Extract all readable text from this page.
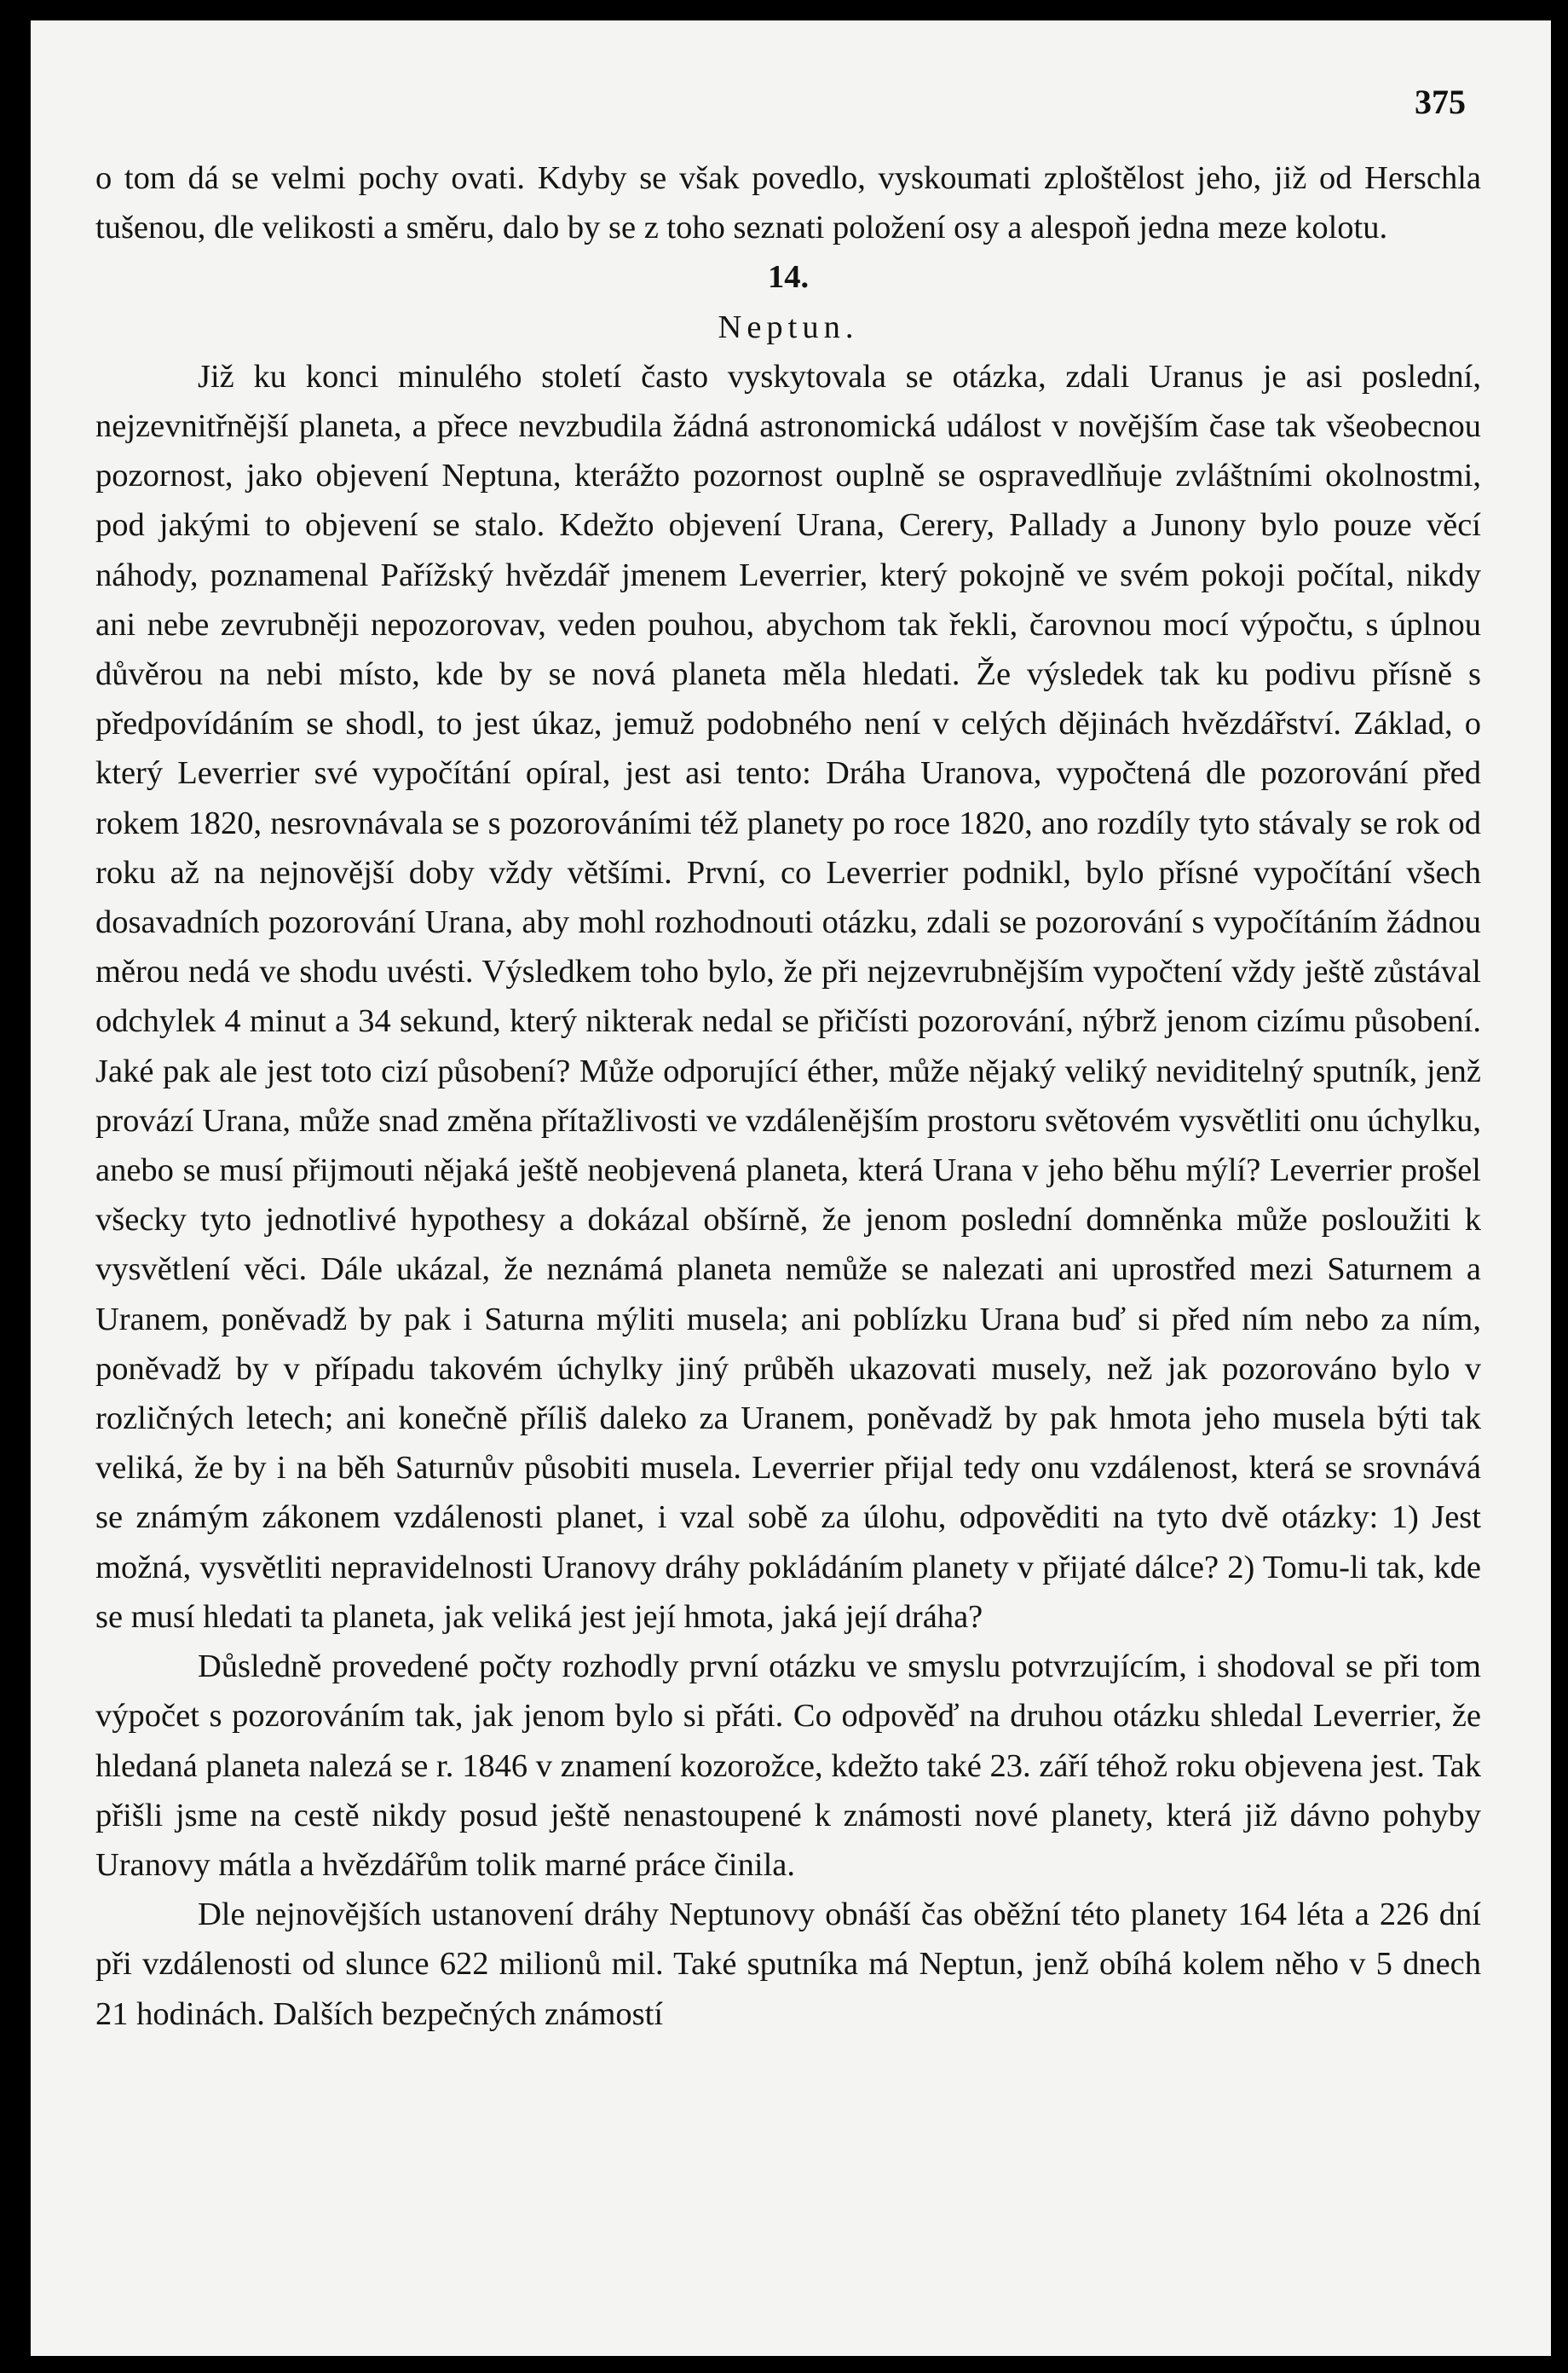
375

o tom dá se velmi pochy ovati. Kdyby se však povedlo, vyskoumati zploštělost jeho, již od Herschla tušenou, dle velikosti a směru, dalo by se z toho seznati položení osy a alespoň jedna meze kolotu.

14.

Neptun.

Již ku konci minulého století často vyskytovala se otázka, zdali Uranus je asi poslední, nejzevnitřnější planeta, a přece nevzbudila žádná astronomická událost v novějším čase tak všeobecnou pozornost, jako objevení Neptuna, kterážto pozornost ouplně se ospravedlňuje zvláštními okolnostmi, pod jakými to objevení se stalo. Kdežto objevení Urana, Cerery, Pallady a Junony bylo pouze věcí náhody, poznamenal Pařížský hvězdář jmenem Leverrier, který pokojně ve svém pokoji počítal, nikdy ani nebe zevrubněji nepozorovav, veden pouhou, abychom tak řekli, čarovnou mocí výpočtu, s úplnou důvěrou na nebi místo, kde by se nová planeta měla hledati. Že výsledek tak ku podivu přísně s předpovídáním se shodl, to jest úkaz, jemuž podobného není v celých dějinách hvězdářství. Základ, o který Leverrier své vypočítání opíral, jest asi tento: Dráha Uranova, vypočtená dle pozorování před rokem 1820, nesrovnávala se s pozorováními též planety po roce 1820, ano rozdíly tyto stávaly se rok od roku až na nejnovější doby vždy většími. První, co Leverrier podnikl, bylo přísné vypočítání všech dosavadních pozorování Urana, aby mohl rozhodnouti otázku, zdali se pozorování s vypočítáním žádnou měrou nedá ve shodu uvésti. Výsledkem toho bylo, že při nejzevrubnějším vypočtení vždy ještě zůstával odchylek 4 minut a 34 sekund, který nikterak nedal se přičísti pozorování, nýbrž jenom cizímu působení. Jaké pak ale jest toto cizí působení? Může odporující éther, může nějaký veliký neviditelný sputník, jenž provází Urana, může snad změna přítažlivosti ve vzdálenějším prostoru světovém vysvětliti onu úchylku, anebo se musí přijmouti nějaká ještě neobjevená planeta, která Urana v jeho běhu mýlí? Leverrier prošel všecky tyto jednotlivé hypothesy a dokázal obšírně, že jenom poslední domněnka může posloužiti k vysvětlení věci. Dále ukázal, že neznámá planeta nemůže se nalezati ani uprostřed mezi Saturnem a Uranem, poněvadž by pak i Saturna mýliti musela; ani poblízku Urana buď si před ním nebo za ním, poněvadž by v případu takovém úchylky jiný průběh ukazovati musely, než jak pozorováno bylo v rozličných letech; ani konečně příliš daleko za Uranem, poněvadž by pak hmota jeho musela býti tak veliká, že by i na běh Saturnův působiti musela. Leverrier přijal tedy onu vzdálenost, která se srovnává se známým zákonem vzdálenosti planet, i vzal sobě za úlohu, odpověditi na tyto dvě otázky: 1) Jest možná, vysvětliti nepravidelnosti Uranovy dráhy pokládáním planety v přijaté dálce? 2) Tomu-li tak, kde se musí hledati ta planeta, jak veliká jest její hmota, jaká její dráha?

Důsledně provedené počty rozhodly první otázku ve smyslu potvrzujícím, i shodoval se při tom výpočet s pozorováním tak, jak jenom bylo si přáti. Co odpověď na druhou otázku shledal Leverrier, že hledaná planeta nalezá se r. 1846 v znamení kozorožce, kdežto také 23. září téhož roku objevena jest. Tak přišli jsme na cestě nikdy posud ještě nenastoupené k známosti nové planety, která již dávno pohyby Uranovy mátla a hvězdářům tolik marné práce činila.

Dle nejnovějších ustanovení dráhy Neptunovy obnáší čas oběžní této planety 164 léta a 226 dní při vzdálenosti od slunce 622 milionů mil. Také sputníka má Neptun, jenž obíhá kolem něho v 5 dnech 21 hodinách. Dalších bezpečných známostí
